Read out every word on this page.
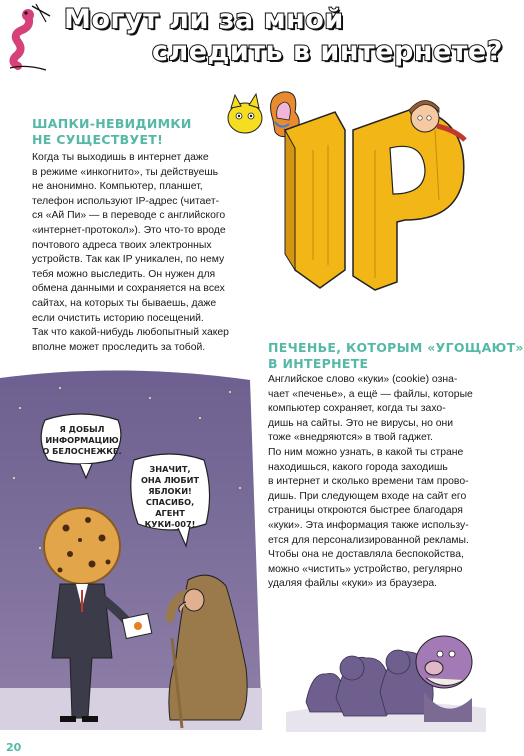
Могут ли за мной
следить в интернете?
ШАПКИ-НЕВИДИМКИ
НЕ СУЩЕСТВУЕТ!
Когда ты выходишь в интернет даже
в режиме «инкогнито», ты действуешь
не анонимно. Компьютер, планшет,
телефон используют IP-адрес (читает-
ся «Ай Пи» — в переводе с английского
«интернет-протокол»). Это что-то вроде
почтового адреса твоих электронных
устройств. Так как IP уникален, по нему
тебя можно выследить. Он нужен для
обмена данными и сохраняется на всех
сайтах, на которых ты бываешь, даже
если очистить историю посещений.
Так что какой-нибудь любопытный хакер
вполне может проследить за тобой.
Я ДОБЫЛ
ИНФОРМАЦИЮ
О БЕЛОСНЕЖКЕ.
ЗНАЧИТ,
ОНА ЛЮБИТ
ЯБЛОКИ!
СПАСИБО,
АГЕНТ
КУКИ-007!
ПЕЧЕНЬЕ, КОТОРЫМ «УГОЩАЮТ»
В ИНТЕРНЕТЕ
Английское слово «куки» (cookie) озна-
чает «печенье», а ещё — файлы, которые
компьютер сохраняет, когда ты захо-
дишь на сайты. Это не вирусы, но они
тоже «внедряются» в твой гаджет.
По ним можно узнать, в какой ты стране
находишься, какого города заходишь
в интернет и сколько времени там прово-
дишь. При следующем входе на сайт его
страницы откроются быстрее благодаря
«куки». Эта информация также использу-
ется для персонализированной рекламы.
Чтобы она не доставляла беспокойства,
можно «чистить» устройство, регулярно
удаляя файлы «куки» из браузера.
20
